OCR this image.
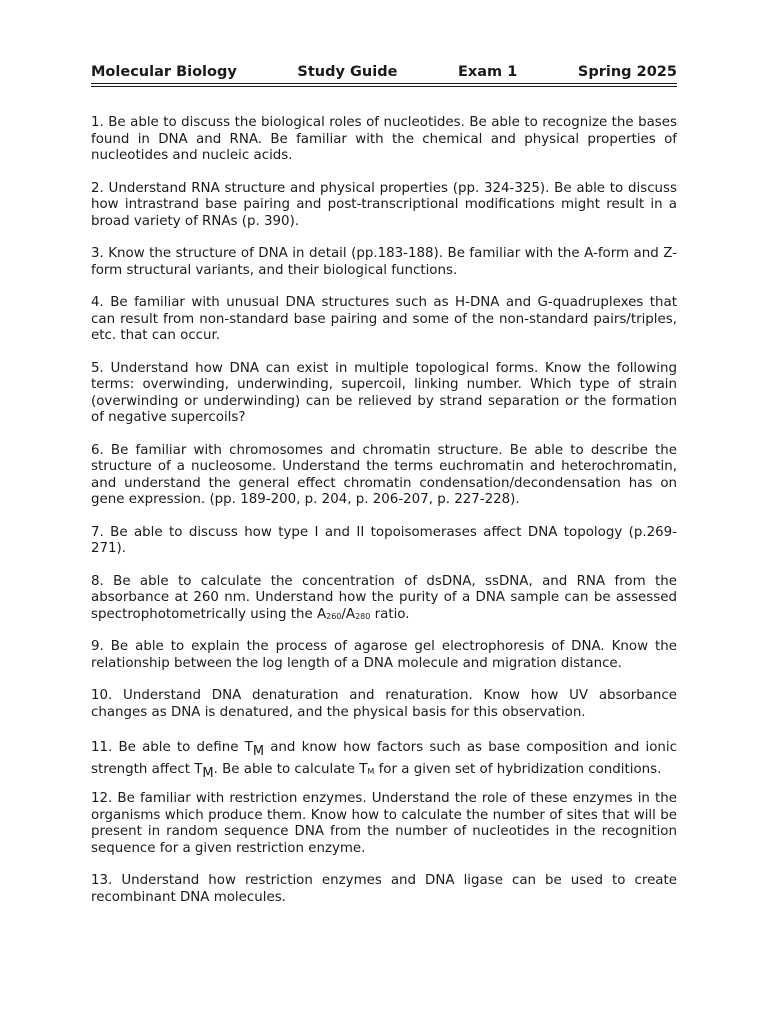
Molecular Biology	Study Guide	Exam 1	Spring 2025

1. Be able to discuss the biological roles of nucleotides. Be able to recognize the bases found in DNA and RNA. Be familiar with the chemical and physical properties of nucleotides and nucleic acids.

2. Understand RNA structure and physical properties (pp. 324-325). Be able to discuss how intrastrand base pairing and post-transcriptional modifications might result in a broad variety of RNAs (p. 390).

3. Know the structure of DNA in detail (pp.183-188). Be familiar with the A-form and Z-form structural variants, and their biological functions.

4. Be familiar with unusual DNA structures such as H-DNA and G-quadruplexes that can result from non-standard base pairing and some of the non-standard pairs/triples, etc. that can occur.

5. Understand how DNA can exist in multiple topological forms. Know the following terms: overwinding, underwinding, supercoil, linking number. Which type of strain (overwinding or underwinding) can be relieved by strand separation or the formation of negative supercoils?

6. Be familiar with chromosomes and chromatin structure. Be able to describe the structure of a nucleosome. Understand the terms euchromatin and heterochromatin, and understand the general effect chromatin condensation/decondensation has on gene expression. (pp. 189-200, p. 204, p. 206-207, p. 227-228).

7. Be able to discuss how type I and II topoisomerases affect DNA topology (p.269-271).

8. Be able to calculate the concentration of dsDNA, ssDNA, and RNA from the absorbance at 260 nm. Understand how the purity of a DNA sample can be assessed spectrophotometrically using the $A_{260}/A_{280}$ ratio.

9. Be able to explain the process of agarose gel electrophoresis of DNA. Know the relationship between the log length of a DNA molecule and migration distance.

10. Understand DNA denaturation and renaturation. Know how UV absorbance changes as DNA is denatured, and the physical basis for this observation.

11. Be able to define TM and know how factors such as base composition and ionic strength affect TM. Be able to calculate TM for a given set of hybridization conditions.

12. Be familiar with restriction enzymes. Understand the role of these enzymes in the organisms which produce them. Know how to calculate the number of sites that will be present in random sequence DNA from the number of nucleotides in the recognition sequence for a given restriction enzyme.

13. Understand how restriction enzymes and DNA ligase can be used to create recombinant DNA molecules.
